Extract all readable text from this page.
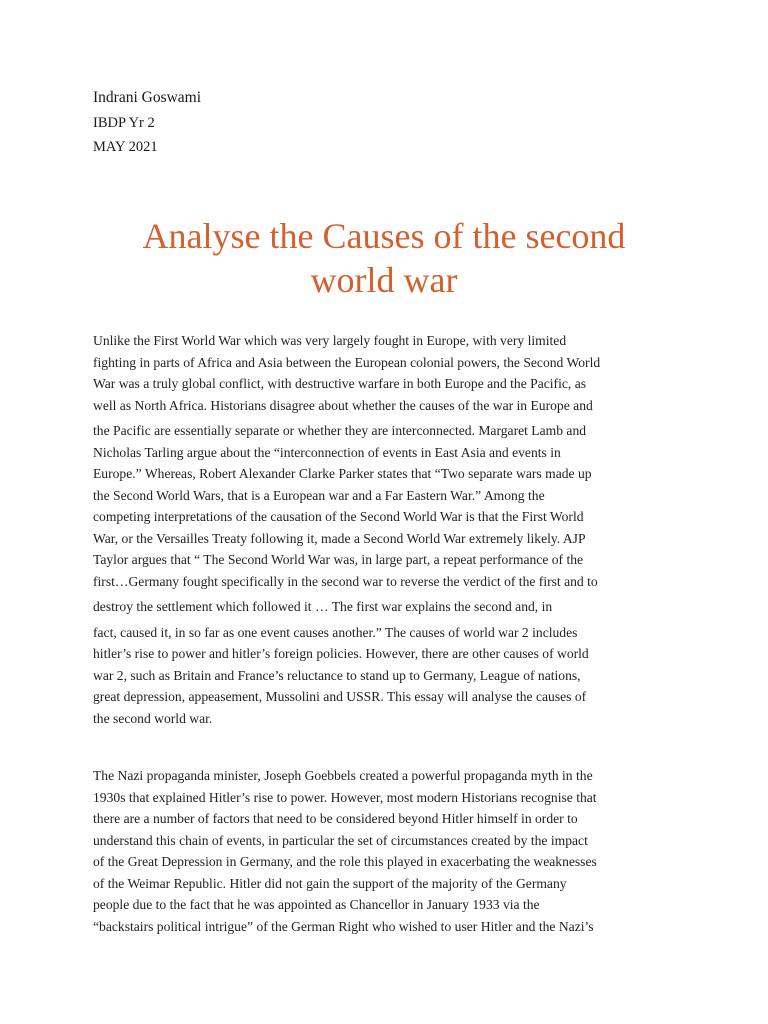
Indrani Goswami
IBDP Yr 2
MAY 2021
Analyse the Causes of the second
world war
Unlike the First World War which was very largely fought in Europe, with very limited
fighting in parts of Africa and Asia between the European colonial powers, the Second World
War was a truly global conflict, with destructive warfare in both Europe and the Pacific, as
well as North Africa. Historians disagree about whether the causes of the war in Europe and
the Pacific are essentially separate or whether they are interconnected. Margaret Lamb and
Nicholas Tarling argue about the “interconnection of events in East Asia and events in
Europe.” Whereas, Robert Alexander Clarke Parker states that “Two separate wars made up
the Second World Wars, that is a European war and a Far Eastern War.” Among the
competing interpretations of the causation of the Second World War is that the First World
War, or the Versailles Treaty following it, made a Second World War extremely likely. AJP
Taylor argues that “ The Second World War was, in large part, a repeat performance of the
first…Germany fought specifically in the second war to reverse the verdict of the first and to
destroy the settlement which followed it … The first war explains the second and, in
fact, caused it, in so far as one event causes another.” The causes of world war 2 includes
hitler’s rise to power and hitler’s foreign policies. However, there are other causes of world
war 2, such as Britain and France’s reluctance to stand up to Germany, League of nations,
great depression, appeasement, Mussolini and USSR. This essay will analyse the causes of
the second world war.
The Nazi propaganda minister, Joseph Goebbels created a powerful propaganda myth in the
1930s that explained Hitler’s rise to power. However, most modern Historians recognise that
there are a number of factors that need to be considered beyond Hitler himself in order to
understand this chain of events, in particular the set of circumstances created by the impact
of the Great Depression in Germany, and the role this played in exacerbating the weaknesses
of the Weimar Republic. Hitler did not gain the support of the majority of the Germany
people due to the fact that he was appointed as Chancellor in January 1933 via the
“backstairs political intrigue” of the German Right who wished to user Hitler and the Nazi’s
